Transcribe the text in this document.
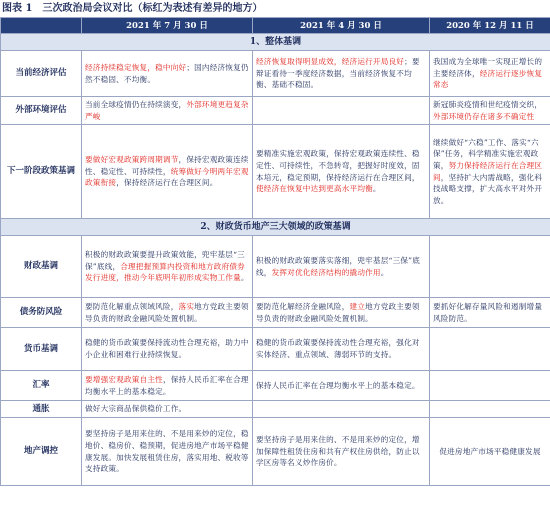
图表 1 三次政治局会议对比（标红为表述有差异的地方）
	2021 年 7 月 30 日	2021 年 4 月 30 日	2020 年 12 月 11 日
1、整体基调			
当前经济评估	经济持续稳定恢复，稳中向好；国内经济恢复仍然不稳固、不均衡。	经济恢复取得明显成效，经济运行开局良好；要辩证看待一季度经济数据，当前经济恢复不均衡、基础不稳固。	我国成为全球唯一实现正增长的主要经济体，经济运行逐步恢复常态
外部环境评估	当前全球疫情仍在持续演变，外部环境更趋复杂严峻		新冠肺炎疫情和世纪疫情交织，外部环境仍存在诸多不确定性
下一阶段政策基调	要做好宏观政策跨周期调节，保持宏观政策连续性、稳定性、可持续性，统筹做好今明两年宏观政策衔接，保持经济运行在合理区间。	要精准实施宏观政策，保持宏观政策连续性、稳定性、可持续性，不急转弯，把握好时度效，固本培元，稳定预期，保持经济运行在合理区间，使经济在恢复中达到更高水平均衡。	继续做好“六稳”工作、落实“六保”任务，科学精准实施宏观政策，努力保持经济运行在合理区间，坚持扩大内需战略，强化科技战略支撑，扩大高水平对外开放。
2、财政货币地产三大领域的政策基调			
财政基调	积极的财政政策要提升政策效能，兜牢基层“三保”底线，合理把握预算内投资和地方政府债券发行进度，推动今年底明年初形成实物工作量。	积极的财政政策要落实落细，兜牢基层“三保”底线，发挥对优化经济结构的撬动作用。	
债务防风险	要防范化解重点领域风险，落实地方党政主要领导负责的财政金融风险处置机制。	要防范化解经济金融风险，建立地方党政主要领导负责的财政金融风险处置机制。	要抓好化解存量风险和遏制增量风险防范。
货币基调	稳健的货币政策要保持流动性合理充裕，助力中小企业和困难行业持续恢复。	稳健的货币政策要保持流动性合理充裕，强化对实体经济、重点领域、薄弱环节的支持。	
汇率	要增强宏观政策自主性，保持人民币汇率在合理均衡水平上的基本稳定。	保持人民币汇率在合理均衡水平上的基本稳定。	
通胀	做好大宗商品保供稳价工作。		
地产调控	要坚持房子是用来住的、不是用来炒的定位，稳地价、稳房价、稳预期，促进房地产市场平稳健康发展。加快发展租赁住房，落实用地、税收等支持政策。	要坚持房子是用来住的、不是用来炒的定位，增加保障性租赁住房和共有产权住房供给，防止以学区房等名义炒作房价。	促进房地产市场平稳健康发展
